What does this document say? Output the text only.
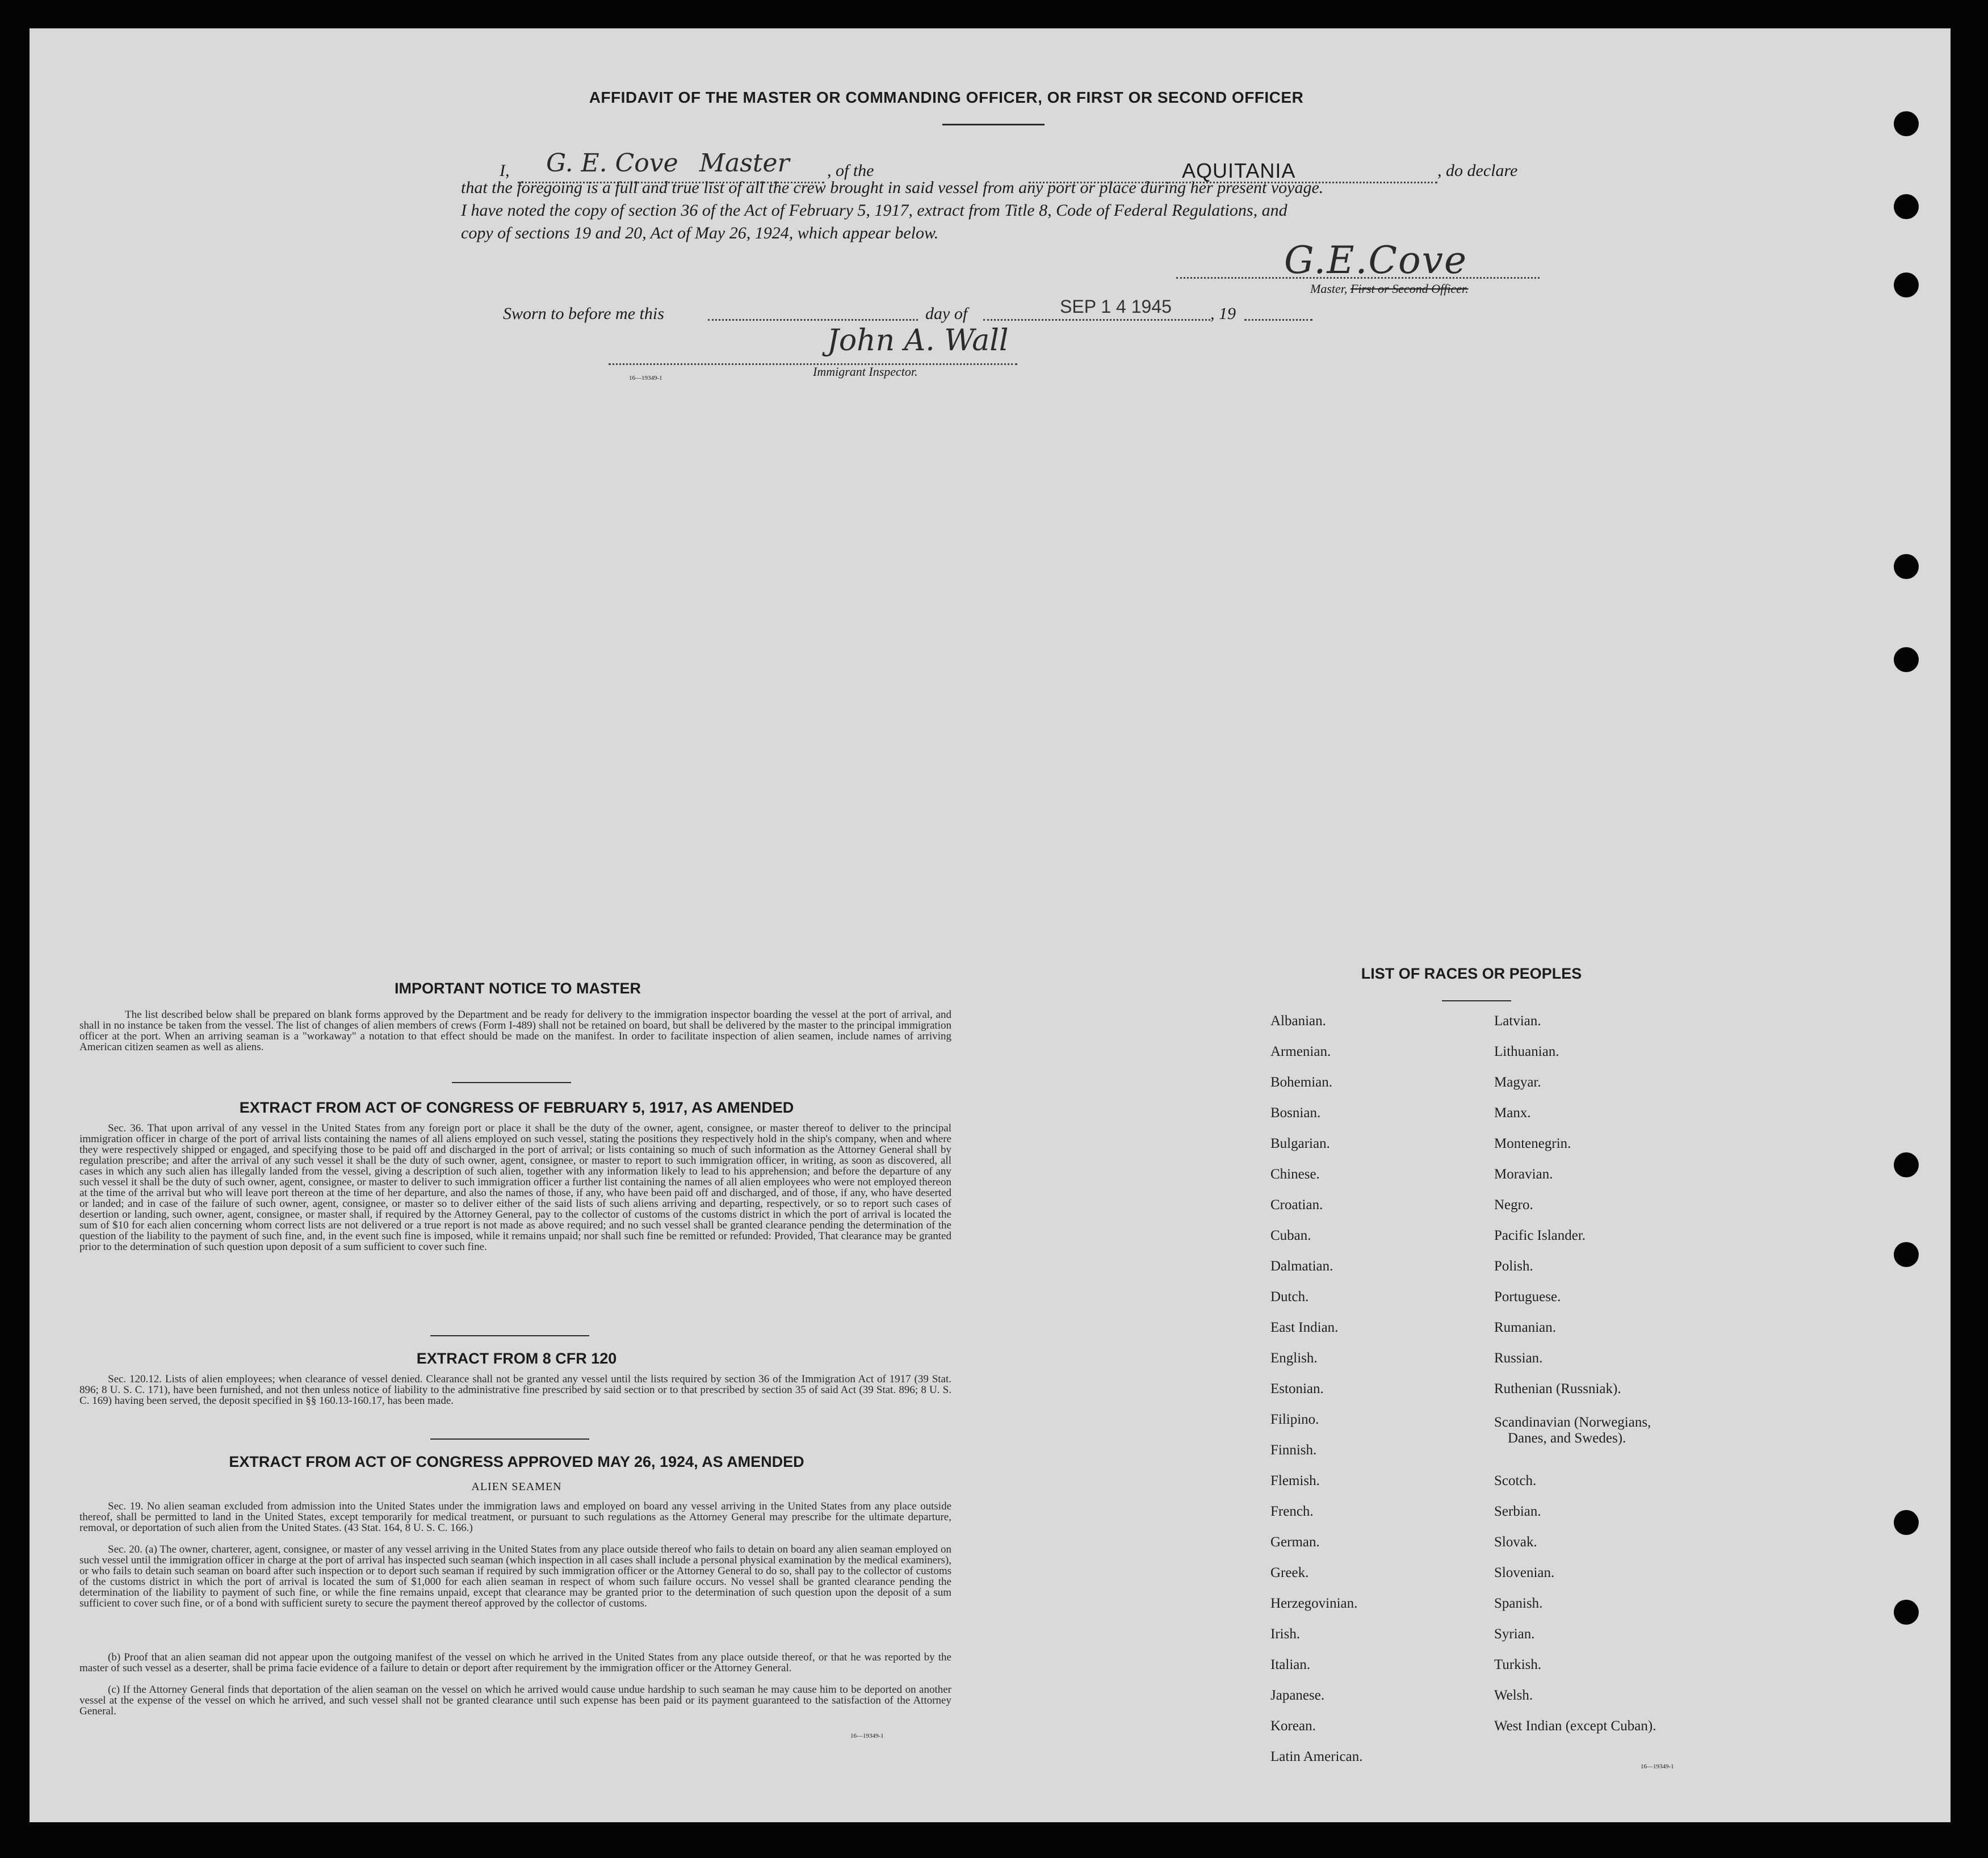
AFFIDAVIT OF THE MASTER OR COMMANDING OFFICER, OR FIRST OR SECOND OFFICER
I, G. E. Cove Master , of the	AQUITANIA	, do declare
that the foregoing is a full and true list of all the crew brought in said vessel from any port or place during her present voyage.
I have noted the copy of section 36 of the Act of February 5, 1917, extract from Title 8, Code of Federal Regulations, and
copy of sections 19 and 20, Act of May 26, 1924, which appear below.
G.E.Cove
Master, First or Second Officer.
Sworn to before me this	day of	SEP 1 4 1945 , 19
John A. Wall
Immigrant Inspector.
16—19349-1
IMPORTANT NOTICE TO MASTER
The list described below shall be prepared on blank forms approved by the Department and be ready for delivery to the immigration inspector boarding the vessel at the port of arrival, and shall in no instance be taken from the vessel. The list of changes of alien members of crews (Form I-489) shall not be retained on board, but shall be delivered by the master to the principal immigration officer at the port. When an arriving seaman is a "workaway" a notation to that effect should be made on the manifest. In order to facilitate inspection of alien seamen, include names of arriving American citizen seamen as well as aliens.
EXTRACT FROM ACT OF CONGRESS OF FEBRUARY 5, 1917, AS AMENDED
Sec. 36. That upon arrival of any vessel in the United States from any foreign port or place it shall be the duty of the owner, agent, consignee, or master thereof to deliver to the principal immigration officer in charge of the port of arrival lists containing the names of all aliens employed on such vessel, stating the positions they respectively hold in the ship's company, when and where they were respectively shipped or engaged, and specifying those to be paid off and discharged in the port of arrival; or lists containing so much of such information as the Attorney General shall by regulation prescribe; and after the arrival of any such vessel it shall be the duty of such owner, agent, consignee, or master to report to such immigration officer, in writing, as soon as discovered, all cases in which any such alien has illegally landed from the vessel, giving a description of such alien, together with any information likely to lead to his apprehension; and before the departure of any such vessel it shall be the duty of such owner, agent, consignee, or master to deliver to such immigration officer a further list containing the names of all alien employees who were not employed thereon at the time of the arrival but who will leave port thereon at the time of her departure, and also the names of those, if any, who have been paid off and discharged, and of those, if any, who have deserted or landed; and in case of the failure of such owner, agent, consignee, or master so to deliver either of the said lists of such aliens arriving and departing, respectively, or so to report such cases of desertion or landing, such owner, agent, consignee, or master shall, if required by the Attorney General, pay to the collector of customs of the customs district in which the port of arrival is located the sum of $10 for each alien concerning whom correct lists are not delivered or a true report is not made as above required; and no such vessel shall be granted clearance pending the determination of the question of the liability to the payment of such fine, and, in the event such fine is imposed, while it remains unpaid; nor shall such fine be remitted or refunded: Provided, That clearance may be granted prior to the determination of such question upon deposit of a sum sufficient to cover such fine.
EXTRACT FROM 8 CFR 120
Sec. 120.12. Lists of alien employees; when clearance of vessel denied. Clearance shall not be granted any vessel until the lists required by section 36 of the Immigration Act of 1917 (39 Stat. 896; 8 U. S. C. 171), have been furnished, and not then unless notice of liability to the administrative fine prescribed by said section or to that prescribed by section 35 of said Act (39 Stat. 896; 8 U. S. C. 169) having been served, the deposit specified in §§ 160.13-160.17, has been made.
EXTRACT FROM ACT OF CONGRESS APPROVED MAY 26, 1924, AS AMENDED
ALIEN SEAMEN
Sec. 19. No alien seaman excluded from admission into the United States under the immigration laws and employed on board any vessel arriving in the United States from any place outside thereof, shall be permitted to land in the United States, except temporarily for medical treatment, or pursuant to such regulations as the Attorney General may prescribe for the ultimate departure, removal, or deportation of such alien from the United States. (43 Stat. 164, 8 U. S. C. 166.)
Sec. 20. (a) The owner, charterer, agent, consignee, or master of any vessel arriving in the United States from any place outside thereof who fails to detain on board any alien seaman employed on such vessel until the immigration officer in charge at the port of arrival has inspected such seaman (which inspection in all cases shall include a personal physical examination by the medical examiners), or who fails to detain such seaman on board after such inspection or to deport such seaman if required by such immigration officer or the Attorney General to do so, shall pay to the collector of customs of the customs district in which the port of arrival is located the sum of $1,000 for each alien seaman in respect of whom such failure occurs. No vessel shall be granted clearance pending the determination of the liability to payment of such fine, or while the fine remains unpaid, except that clearance may be granted prior to the determination of such question upon the deposit of a sum sufficient to cover such fine, or of a bond with sufficient surety to secure the payment thereof approved by the collector of customs.
(b) Proof that an alien seaman did not appear upon the outgoing manifest of the vessel on which he arrived in the United States from any place outside thereof, or that he was reported by the master of such vessel as a deserter, shall be prima facie evidence of a failure to detain or deport after requirement by the immigration officer or the Attorney General.
(c) If the Attorney General finds that deportation of the alien seaman on the vessel on which he arrived would cause undue hardship to such seaman he may cause him to be deported on another vessel at the expense of the vessel on which he arrived, and such vessel shall not be granted clearance until such expense has been paid or its payment guaranteed to the satisfaction of the Attorney General.
16—19349-1
LIST OF RACES OR PEOPLES
Albanian.
Armenian.
Bohemian.
Bosnian.
Bulgarian.
Chinese.
Croatian.
Cuban.
Dalmatian.
Dutch.
East Indian.
English.
Estonian.
Filipino.
Finnish.
Flemish.
French.
German.
Greek.
Herzegovinian.
Irish.
Italian.
Japanese.
Korean.
Latin American.
Latvian.
Lithuanian.
Magyar.
Manx.
Montenegrin.
Moravian.
Negro.
Pacific Islander.
Polish.
Portuguese.
Rumanian.
Russian.
Ruthenian (Russniak).
Scandinavian (Norwegians,
Danes, and Swedes).
Scotch.
Serbian.
Slovak.
Slovenian.
Spanish.
Syrian.
Turkish.
Welsh.
West Indian (except Cuban).
16—19349-1
